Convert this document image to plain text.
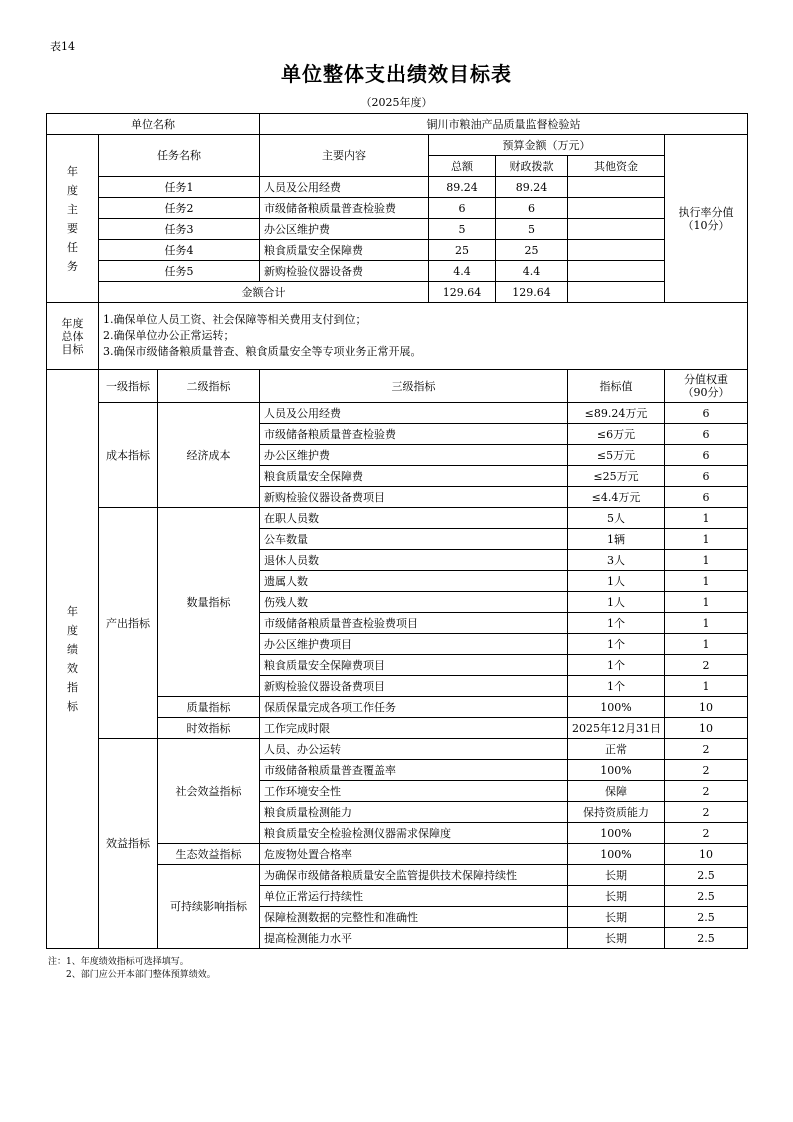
表14
单位整体支出绩效目标表
（2025年度）
单位名称			铜川市粮油产品质量监督检验站				
年度主要任务	任务名称		主要内容	预算金额（万元）			执行率分值
（10分）
				总额	财政拨款	其他资金	
	任务1		人员及公用经费	89.24	89.24		
	任务2		市级储备粮质量普查检验费	6	6		
	任务3		办公区维护费	5	5		
	任务4		粮食质量安全保障费	25	25		
	任务5		新购检验仪器设备费	4.4	4.4		
	金额合计			129.64	129.64		
年度
总体
目标	1.确保单位人员工资、社会保障等相关费用支付到位；
2.确保单位办公正常运转；
3.确保市级储备粮质量普查、粮食质量安全等专项业务正常开展。						

年度绩效指标	一级指标	二级指标	三级指标			指标值	分值权重
（90分）
	成本指标	经济成本	人员及公用经费			≤89.24万元	6
			市级储备粮质量普查检验费			≤6万元	6
			办公区维护费			≤5万元	6
			粮食质量安全保障费			≤25万元	6
			新购检验仪器设备费项目			≤4.4万元	6
	产出指标	数量指标	在职人员数			5人	1
			公车数量			1辆	1
			退休人员数			3人	1
			遗属人数			1人	1
			伤残人数			1人	1
			市级储备粮质量普查检验费项目			1个	1
			办公区维护费项目			1个	1
			粮食质量安全保障费项目			1个	2
			新购检验仪器设备费项目			1个	1
		质量指标	保质保量完成各项工作任务			100%	10
		时效指标	工作完成时限			2025年12月31日	10
	效益指标	社会效益指标	人员、办公运转			正常	2
			市级储备粮质量普查覆盖率			100%	2
			工作环境安全性			保障	2
			粮食质量检测能力			保持资质能力	2
			粮食质量安全检验检测仪器需求保障度			100%	2
		生态效益指标	危废物处置合格率			100%	10
		可持续影响指标	为确保市级储备粮质量安全监管提供技术保障持续性			长期	2.5
			单位正常运行持续性			长期	2.5
			保障检测数据的完整性和准确性			长期	2.5
			提高检测能力水平			长期	2.5
注：1、年度绩效指标可选择填写。
2、部门应公开本部门整体预算绩效。
